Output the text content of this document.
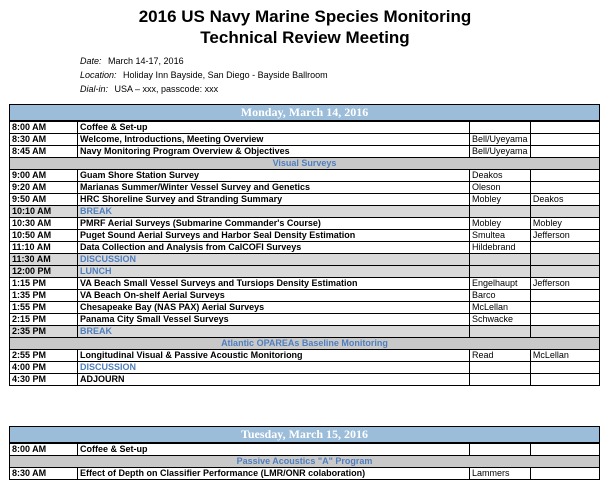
2016 US Navy Marine Species Monitoring
Technical Review Meeting
Date: March 14-17, 2016
Location: Holiday Inn Bayside, San Diego - Bayside Ballroom
Dial-in: USA – xxx, passcode: xxx
Monday, March 14, 2016			
8:00 AM	Coffee & Set-up		
8:30 AM	Welcome, Introductions, Meeting Overview	Bell/Uyeyama	
8:45 AM	Navy Monitoring Program Overview & Objectives	Bell/Uyeyama	
Visual Surveys			
9:00 AM	Guam Shore Station Survey	Deakos	
9:20 AM	Marianas Summer/Winter Vessel Survey and Genetics	Oleson	
9:50 AM	HRC Shoreline Survey and Stranding Summary	Mobley	Deakos
10:10 AM	BREAK		
10:30 AM	PMRF Aerial Surveys (Submarine Commander's Course)	Mobley	Mobley
10:50 AM	Puget Sound Aerial Surveys and Harbor Seal Density Estimation	Smultea	Jefferson
11:10 AM	Data Collection and Analysis from CalCOFI Surveys	Hildebrand	
11:30 AM	DISCUSSION		
12:00 PM	LUNCH		
1:15 PM	VA Beach Small Vessel Surveys and Tursiops Density Estimation	Engelhaupt	Jefferson
1:35 PM	VA Beach On-shelf Aerial Surveys	Barco	
1:55 PM	Chesapeake Bay (NAS PAX) Aerial Surveys	McLellan	
2:15 PM	Panama City Small Vessel Surveys	Schwacke	
2:35 PM	BREAK		
Atlantic OPAREAs Baseline Monitoring			
2:55 PM	Longitudinal Visual & Passive Acoustic Monitoriong	Read	McLellan
4:00 PM	DISCUSSION		
4:30 PM	ADJOURN		
Tuesday, March 15, 2016			
8:00 AM	Coffee & Set-up		
Passive Acoustics "A" Program			
8:30 AM	Effect of Depth on Classifier Performance (LMR/ONR colaboration)	Lammers	
